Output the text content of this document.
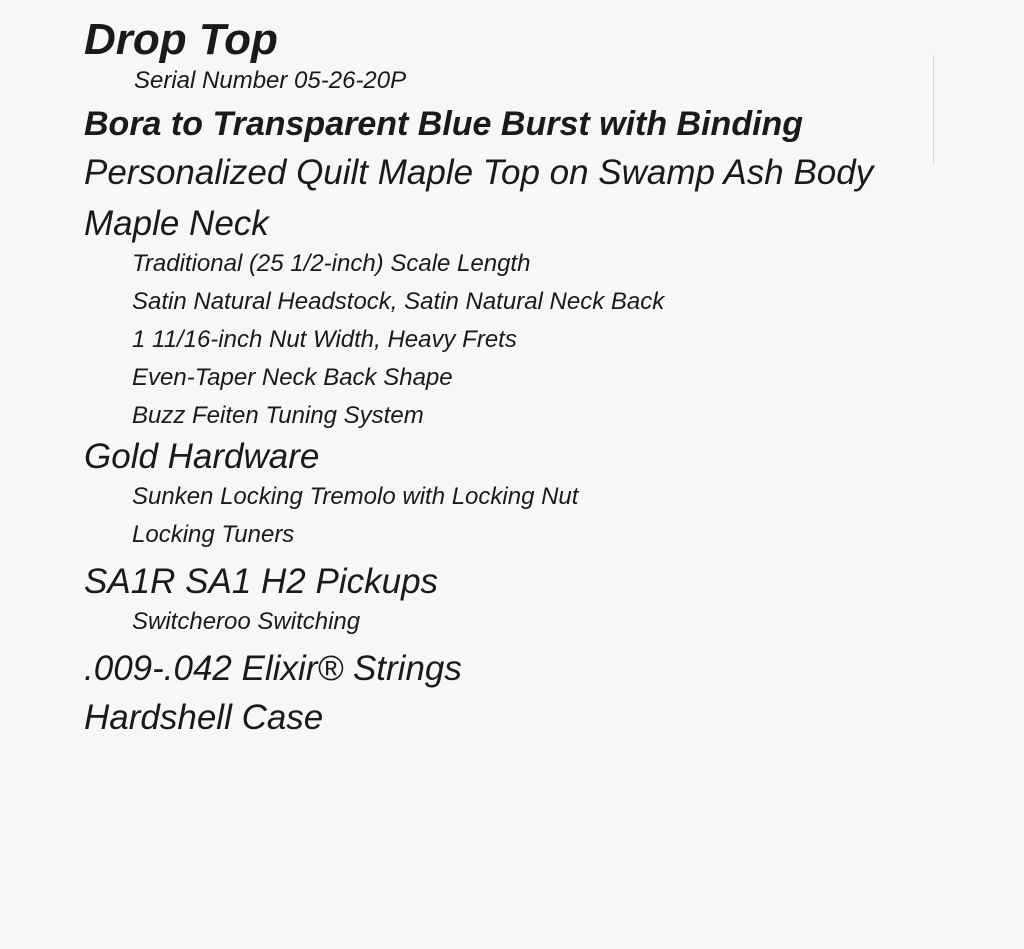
Drop Top

Serial Number 05-26-20P

Bora to Transparent Blue Burst with Binding

Personalized Quilt Maple Top on Swamp Ash Body

Maple Neck

Traditional (25 1/2-inch) Scale Length

Satin Natural Headstock, Satin Natural Neck Back

1 11/16-inch Nut Width, Heavy Frets

Even-Taper Neck Back Shape

Buzz Feiten Tuning System

Gold Hardware

Sunken Locking Tremolo with Locking Nut

Locking Tuners

SA1R SA1 H2 Pickups

Switcheroo Switching

.009-.042 Elixir® Strings

Hardshell Case
